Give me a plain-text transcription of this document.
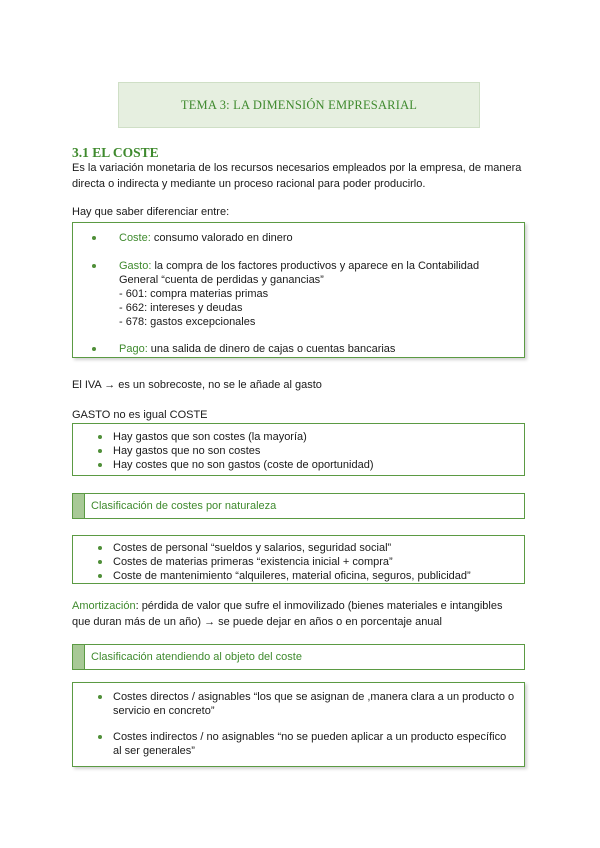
TEMA 3: LA DIMENSIÓN EMPRESARIAL
3.1 EL COSTE
Es la variación monetaria de los recursos necesarios empleados por la empresa, de manera
directa o indirecta y mediante un proceso racional para poder producirlo.
Hay que saber diferenciar entre:
Coste: consumo valorado en dinero
Gasto: la compra de los factores productivos y aparece en la Contabilidad
General “cuenta de perdidas y ganancias”
- 601: compra materias primas
- 662: intereses y deudas
- 678: gastos excepcionales
Pago: una salida de dinero de cajas o cuentas bancarias
El IVA → es un sobrecoste, no se le añade al gasto
GASTO no es igual COSTE
Hay gastos que son costes (la mayoría)
Hay gastos que no son costes
Hay costes que no son gastos (coste de oportunidad)
Clasificación de costes por naturaleza
Costes de personal “sueldos y salarios, seguridad social”
Costes de materias primeras “existencia inicial + compra”
Coste de mantenimiento “alquileres, material oficina, seguros, publicidad”
Amortización: pérdida de valor que sufre el inmovilizado (bienes materiales e intangibles
que duran más de un año) → se puede dejar en años o en porcentaje anual
Clasificación atendiendo al objeto del coste
Costes directos / asignables “los que se asignan de ,manera clara a un producto o
servicio en concreto”
Costes indirectos / no asignables “no se pueden aplicar a un producto específico
al ser generales”
